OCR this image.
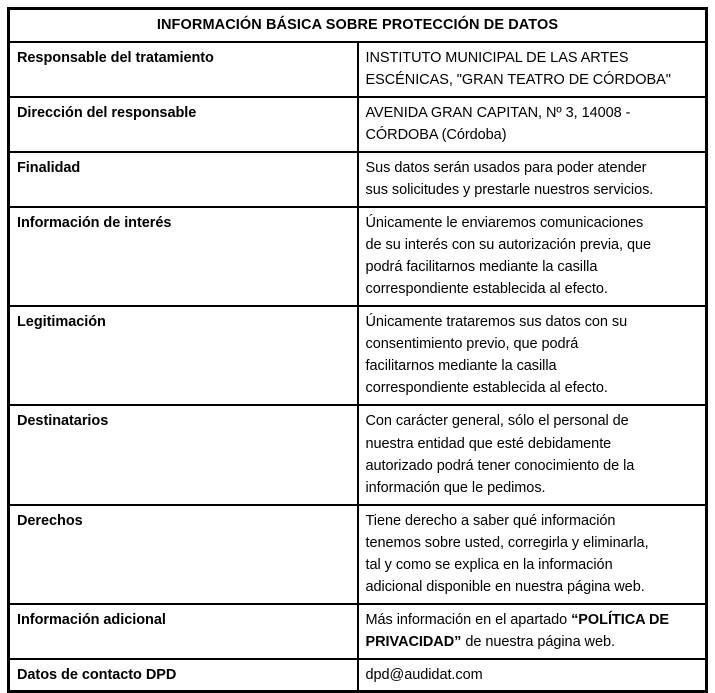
INFORMACIÓN BÁSICA SOBRE PROTECCIÓN DE DATOS	
Responsable del tratamiento	INSTITUTO MUNICIPAL DE LAS ARTES
ESCÉNICAS, "GRAN TEATRO DE CÓRDOBA"

Dirección del responsable	AVENIDA GRAN CAPITAN, Nº 3, 14008 -
CÓRDOBA (Córdoba)

Finalidad	Sus datos serán usados para poder atender
sus solicitudes y prestarle nuestros servicios.

Información de interés	Únicamente le enviaremos comunicaciones
de su interés con su autorización previa, que
podrá facilitarnos mediante la casilla
correspondiente establecida al efecto.

Legitimación	Únicamente trataremos sus datos con su
consentimiento previo, que podrá
facilitarnos mediante la casilla
correspondiente establecida al efecto.

Destinatarios	Con carácter general, sólo el personal de
nuestra entidad que esté debidamente
autorizado podrá tener conocimiento de la
información que le pedimos.

Derechos	Tiene derecho a saber qué información
tenemos sobre usted, corregirla y eliminarla,
tal y como se explica en la información
adicional disponible en nuestra página web.

Información adicional	Más información en el apartado “POLÍTICA DE PRIVACIDAD” de nuestra página web.
Datos de contacto DPD	dpd@audidat.com
